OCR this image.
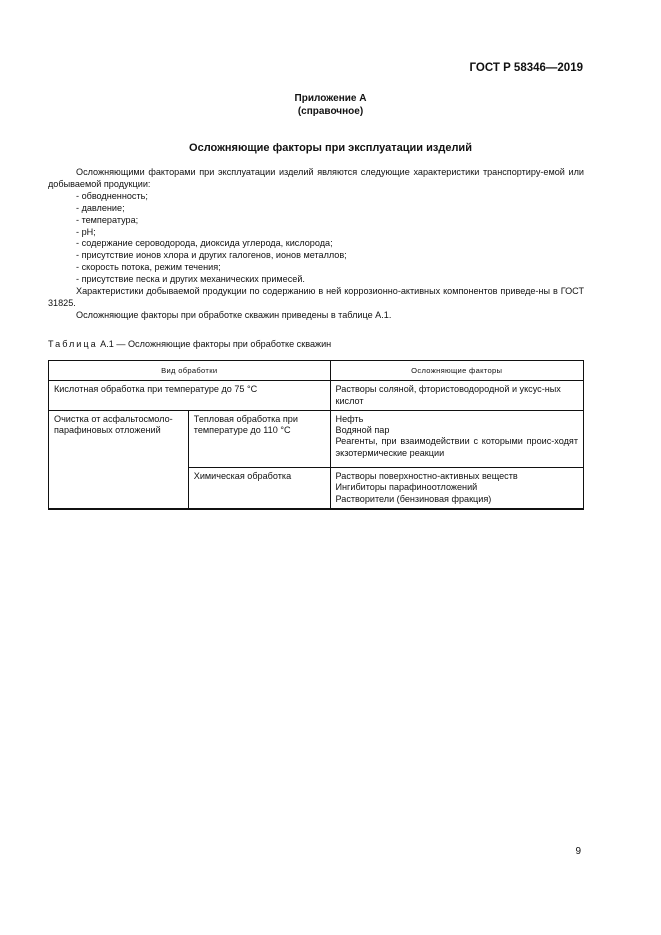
ГОСТ Р 58346—2019
Приложение А
(справочное)
Осложняющие факторы при эксплуатации изделий

Осложняющими факторами при эксплуатации изделий являются следующие характеристики транспортиру-емой или добываемой продукции:

- обводненность;
- давление;
- температура;
- рН;
- содержание сероводорода, диоксида углерода, кислорода;
- присутствие ионов хлора и других галогенов, ионов металлов;
- скорость потока, режим течения;
- присутствие песка и других механических примесей.

Характеристики добываемой продукции по содержанию в ней коррозионно-активных компонентов приведе-ны в ГОСТ 31825.

Осложняющие факторы при обработке скважин приведены в таблице А.1.

Таблица А.1 — Осложняющие факторы при обработке скважин
Вид обработки		Осложняющие факторы
Кислотная обработка при температуре до 75 °С		Растворы соляной, фтористоводородной и уксус-ных кислот
Очистка от асфальтосмоло-парафиновых отложений	Тепловая обработка при температуре до 110 °С	Нефть
Водяной пар
Реагенты, при взаимодействии с которыми проис-ходят экзотермические реакции

	Химическая обработка	Растворы поверхностно-активных веществ
Ингибиторы парафиноотложений
Растворители (бензиновая фракция)
9
